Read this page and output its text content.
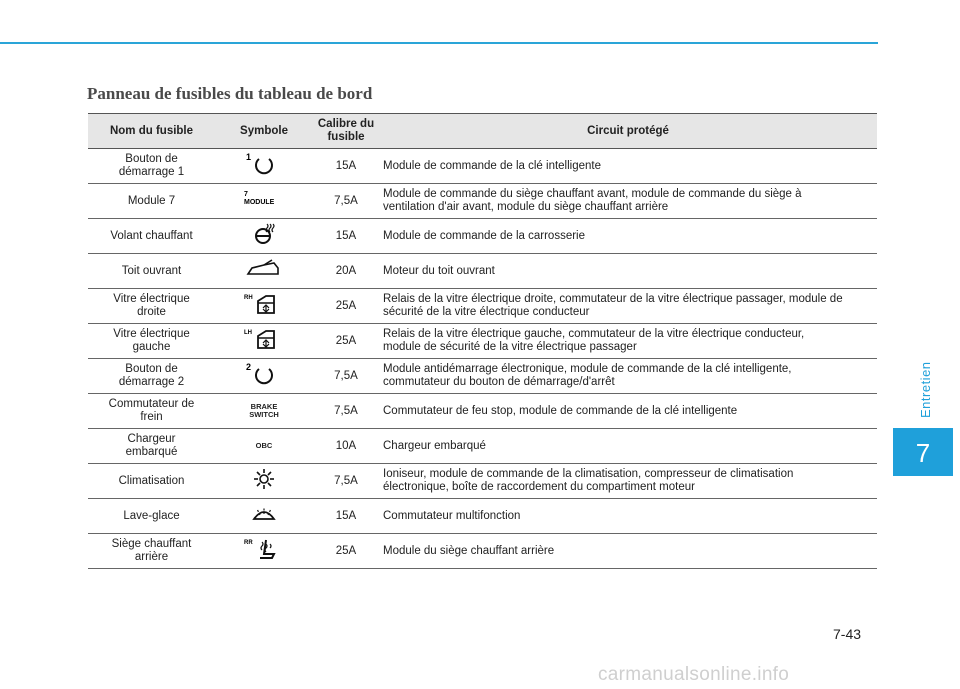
Panneau de fusibles du tableau de bord
Nom du fusible	Symbole	Calibre du
fusible	Circuit protégé
Bouton de
démarrage 1	1	15A	Module de commande de la clé intelligente
Module 7	7
MODULE	7,5A	Module de commande du siège chauffant avant, module de commande du siège à
ventilation d'air avant, module du siège chauffant arrière
Volant chauffant		15A	Module de commande de la carrosserie
Toit ouvrant		20A	Moteur du toit ouvrant
Vitre électrique
droite	RH	25A	Relais de la vitre électrique droite, commutateur de la vitre électrique passager, module de
sécurité de la vitre électrique conducteur
Vitre électrique
gauche	LH	25A	Relais de la vitre électrique gauche, commutateur de la vitre électrique conducteur,
module de sécurité de la vitre électrique passager
Bouton de
démarrage 2	2	7,5A	Module antidémarrage électronique, module de commande de la clé intelligente,
commutateur du bouton de démarrage/d'arrêt
Commutateur de
frein	BRAKE
SWITCH	7,5A	Commutateur de feu stop, module de commande de la clé intelligente
Chargeur
embarqué	OBC	10A	Chargeur embarqué
Climatisation		7,5A	Ioniseur, module de commande de la climatisation, compresseur de climatisation
électronique, boîte de raccordement du compartiment moteur
Lave-glace		15A	Commutateur multifonction
Siège chauffant
arrière	RR	25A	Module du siège chauffant arrière
Entretien
7
7-43
carmanualsonline.info
